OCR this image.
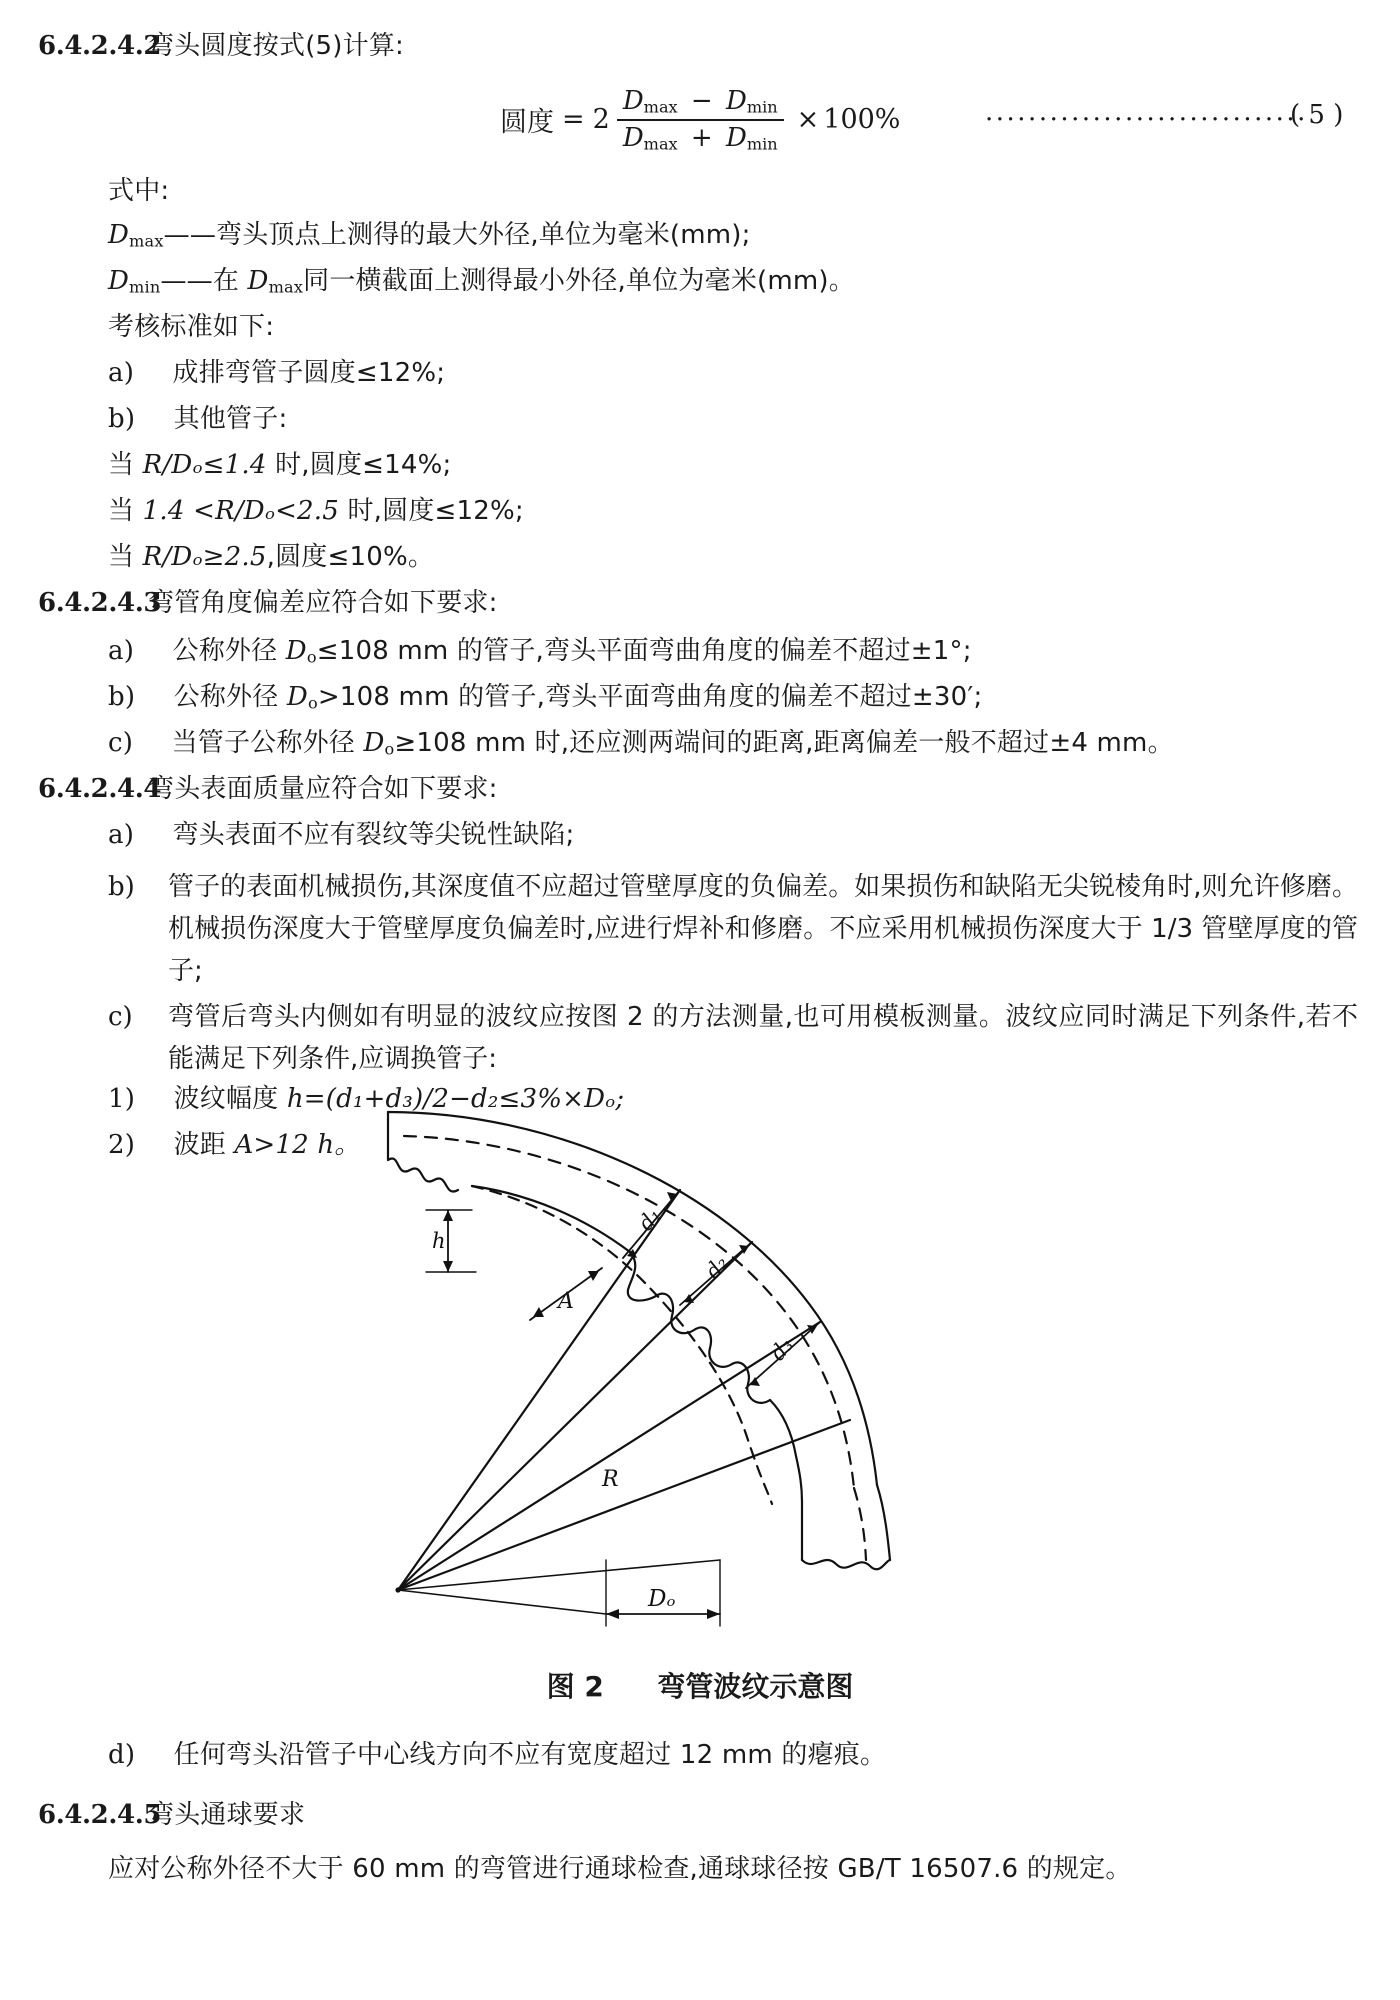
6.4.2.4.2
弯头圆度按式(5)计算:
圆度 = $2 \frac{D_{max} - D_{min}}{D_{max} + D_{min}} \times 100\%$	······························
( 5 )
式中:
$D_{max}——$弯头顶点上测得的最大外径,单位为毫米(mm);
$D_{min}——$在 $D_{max}$同一横截面上测得最小外径,单位为毫米(mm)。
考核标准如下:
a) 成排弯管子圆度≤12%;
b) 其他管子:
当 R/Dₒ≤1.4 时,圆度≤14%;
当 1.4 <R/Dₒ<2.5 时,圆度≤12%;
当 R/Dₒ≥2.5,圆度≤10%。
6.4.2.4.3
弯管角度偏差应符合如下要求:
a) 公称外径 $D_o\le 108$ mm 的管子,弯头平面弯曲角度的偏差不超过±1°;
b) 公称外径 $D_o>108$ mm 的管子,弯头平面弯曲角度的偏差不超过±30′;
c) 当管子公称外径 $D_o\ge 108$ mm 时,还应测两端间的距离,距离偏差一般不超过±4 mm。
6.4.2.4.4
弯头表面质量应符合如下要求:
a) 弯头表面不应有裂纹等尖锐性缺陷;
b)	管子的表面机械损伤,其深度值不应超过管壁厚度的负偏差。如果损伤和缺陷无尖锐棱角时,则允许修磨。机械损伤深度大于管壁厚度负偏差时,应进行焊补和修磨。不应采用机械损伤深度大于 1/3 管壁厚度的管子;
c)	弯管后弯头内侧如有明显的波纹应按图 2 的方法测量,也可用模板测量。波纹应同时满足下列条件,若不能满足下列条件,应调换管子:
1) 波纹幅度 h=(d₁+d₃)/2−d₂≤3%×Dₒ;
2) 波距 A>12 h。
h
A
R
d₁
d₂
d₃
Dₒ
图 2 弯管波纹示意图
d) 任何弯头沿管子中心线方向不应有宽度超过 12 mm 的瘪痕。
6.4.2.4.5
弯头通球要求
应对公称外径不大于 60 mm 的弯管进行通球检查,通球球径按 GB/T 16507.6 的规定。
